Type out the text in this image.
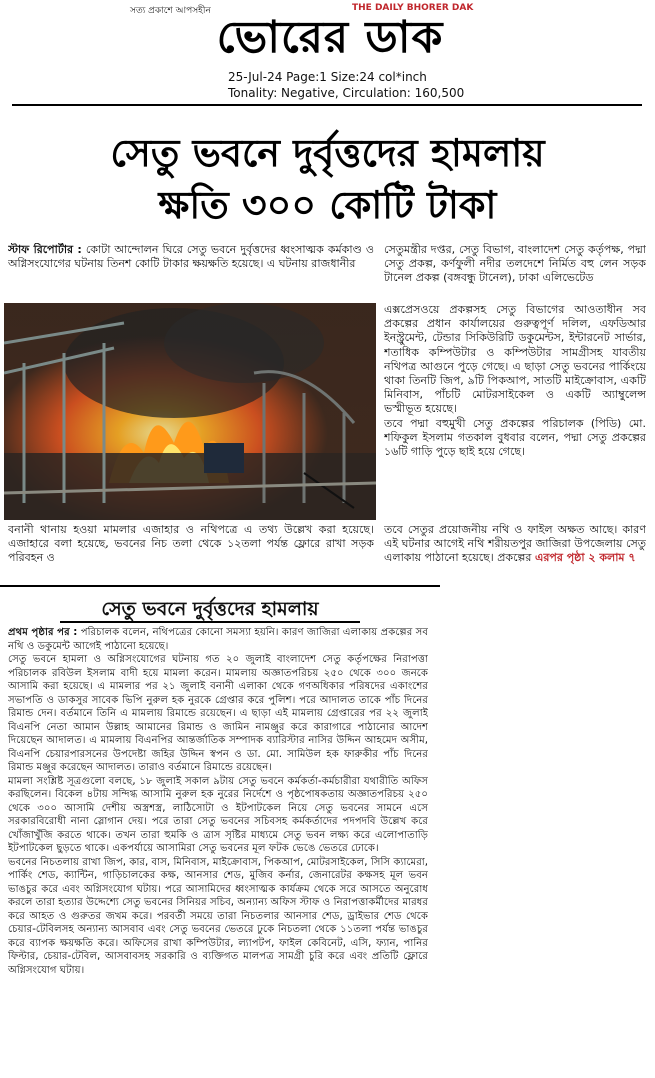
সত্য প্রকাশে আপসহীন	THE DAILY BHORER DAK
ভোরের ডাক
25-Jul-24 Page:1 Size:24 col*inch
Tonality: Negative, Circulation: 160,500
সেতু ভবনে দুর্বৃত্তদের হামলায়
ক্ষতি ৩০০ কোটি টাকা

স্টাফ রিপোর্টার : কোটা আন্দোলন ঘিরে সেতু ভবনে দুর্বৃত্তদের ধ্বংসাত্মক কর্মকাণ্ড ও অগ্নিসংযোগের ঘটনায় তিনশ কোটি টাকার ক্ষয়ক্ষতি হয়েছে। এ ঘটনায় রাজধানীর

সেতুমন্ত্রীর দপ্তর, সেতু বিভাগ, বাংলাদেশ সেতু কর্তৃপক্ষ, পদ্মা সেতু প্রকল্প, কর্ণফুলী নদীর তলদেশে নির্মিত বহু লেন সড়ক টানেল প্রকল্প (বঙ্গবন্ধু টানেল), ঢাকা এলিভেটেড

এক্সপ্রেসওয়ে প্রকল্পসহ সেতু বিভাগের আওতাধীন সব প্রকল্পের প্রধান কার্যালয়ের গুরুত্বপূর্ণ দলিল, এফডিআর ইনস্ট্রুমেন্ট, টেন্ডার সিকিউরিটি ডকুমেন্টস, ইন্টারনেট সার্ভার, শতাধিক কম্পিউটার ও কম্পিউটার সামগ্রীসহ যাবতীয় নথিপত্র আগুনে পুড়ে গেছে। এ ছাড়া সেতু ভবনের পার্কিংয়ে থাকা তিনটি জিপ, ৯টি পিকআপ, সাতটি মাইক্রোবাস, একটি মিনিবাস, পাঁচটি মোটরসাইকেল ও একটি অ্যাম্বুলেন্স ভস্মীভূত হয়েছে।

তবে পদ্মা বহুমুখী সেতু প্রকল্পের পরিচালক (পিডি) মো. শফিকুল ইসলাম গতকাল বুধবার বলেন, পদ্মা সেতু প্রকল্পের ১৬টি গাড়ি পুড়ে ছাই হয়ে গেছে।

বনানী থানায় হওয়া মামলার এজাহার ও নথিপত্রে এ তথ্য উল্লেখ করা হয়েছে। এজাহারে বলা হয়েছে, ভবনের নিচ তলা থেকে ১২তলা পর্যন্ত ফ্লোরে রাখা সড়ক পরিবহন ও

তবে সেতুর প্রয়োজনীয় নথি ও ফাইল অক্ষত আছে। কারণ এই ঘটনার আগেই নথি শরীয়তপুর জাজিরা উপজেলায় সেতু এলাকায় পাঠানো হয়েছে। প্রকল্পের এরপর পৃষ্ঠা ২ কলাম ৭

সেতু ভবনে দুর্বৃত্তদের হামলায়

প্রথম পৃষ্ঠার পর : পরিচালক বলেন, নথিপত্রের কোনো সমস্যা হয়নি। কারণ জাজিরা এলাকায় প্রকল্পের সব নথি ও ডকুমেন্ট আগেই পাঠানো হয়েছে।

সেতু ভবনে হামলা ও অগ্নিসংযোগের ঘটনায় গত ২০ জুলাই বাংলাদেশ সেতু কর্তৃপক্ষের নিরাপত্তা পরিচালক রবিউল ইসলাম বাদী হয়ে মামলা করেন। মামলায় অজ্ঞাতপরিচয় ২৫০ থেকে ৩০০ জনকে আসামি করা হয়েছে। এ মামলার পর ২১ জুলাই বনানী এলাকা থেকে গণঅধিকার পরিষদের একাংশের সভাপতি ও ডাকসুর সাবেক ভিপি নুরুল হক নুরকে গ্রেপ্তার করে পুলিশ। পরে আদালত তাকে পাঁচ দিনের রিমান্ড দেন। বর্তমানে তিনি এ মামলায় রিমান্ডে রয়েছেন। এ ছাড়া এই মামলায় গ্রেপ্তারের পর ২২ জুলাই বিএনপি নেতা আমান উল্লাহ আমানের রিমান্ড ও জামিন নামঞ্জুর করে কারাগারে পাঠানোর আদেশ দিয়েছেন আদালত। এ মামলায় বিএনপির আন্তর্জাতিক সম্পাদক ব্যারিস্টার নাসির উদ্দিন আহমেদ অসীম, বিএনপি চেয়ারপারসনের উপদেষ্টা জহির উদ্দিন স্বপন ও ডা. মো. সামিউল হক ফারুকীর পাঁচ দিনের রিমান্ড মঞ্জুর করেছেন আদালত। তারাও বর্তমানে রিমান্ডে রয়েছেন।

মামলা সংশ্লিষ্ট সূত্রগুলো বলছে, ১৮ জুলাই সকাল ৯টায় সেতু ভবনে কর্মকর্তা-কর্মচারীরা যথারীতি অফিস করছিলেন। বিকেল ৪টায় সন্দিগ্ধ আসামি নুরুল হক নুরের নির্দেশে ও পৃষ্ঠপোষকতায় অজ্ঞাতপরিচয় ২৫০ থেকে ৩০০ আসামি দেশীয় অস্ত্রশস্ত্র, লাঠিসোটা ও ইটপাটকেল নিয়ে সেতু ভবনের সামনে এসে সরকারবিরোধী নানা স্লোগান দেয়। পরে তারা সেতু ভবনের সচিবসহ কর্মকর্তাদের পদপদবি উল্লেখ করে খোঁজাখুঁজি করতে থাকে। তখন তারা হুমকি ও ত্রাস সৃষ্টির মাধ্যমে সেতু ভবন লক্ষ্য করে এলোপাতাড়ি ইটপাটকেল ছুড়তে থাকে। একপর্যায়ে আসামিরা সেতু ভবনের মূল ফটক ভেঙে ভেতরে ঢোকে।

ভবনের নিচতলায় রাখা জিপ, কার, বাস, মিনিবাস, মাইক্রোবাস, পিকআপ, মোটরসাইকেল, সিসি ক্যামেরা, পার্কিং শেড, ক্যান্টিন, গাড়িচালকের কক্ষ, আনসার শেড, মুজিব কর্নার, জেনারেটর কক্ষসহ মূল ভবন ভাঙচুর করে এবং অগ্নিসংযোগ ঘটায়। পরে আসামিদের ধ্বংসাত্মক কার্যক্রম থেকে সরে আসতে অনুরোধ করলে তারা হত্যার উদ্দেশ্যে সেতু ভবনের সিনিয়র সচিব, অন্যান্য অফিস স্টাফ ও নিরাপত্তাকর্মীদের মারধর করে আহত ও গুরুতর জখম করে। পরবর্তী সময়ে তারা নিচতলার আনসার শেড, ড্রাইভার শেড থেকে চেয়ার-টেবিলসহ অন্যান্য আসবাব এবং সেতু ভবনের ভেতরে ঢুকে নিচতলা থেকে ১১তলা পর্যন্ত ভাঙচুর করে ব্যাপক ক্ষয়ক্ষতি করে। অফিসের রাখা কম্পিউটার, ল্যাপটপ, ফাইল কেবিনেট, এসি, ফ্যান, পানির ফিল্টার, চেয়ার-টেবিল, আসবাবসহ সরকারি ও ব্যক্তিগত মালপত্র সামগ্রী চুরি করে এবং প্রতিটি ফ্লোরে অগ্নিসংযোগ ঘটায়।
